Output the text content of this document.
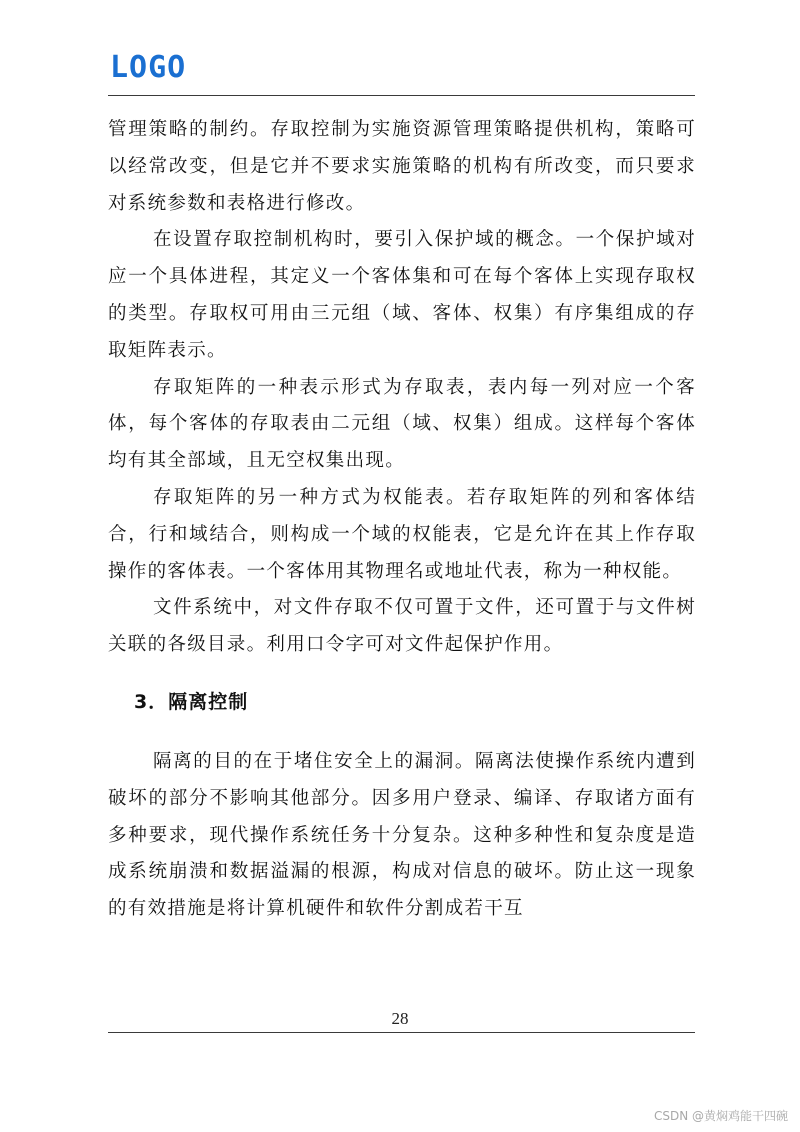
LOGO

管理策略的制约。存取控制为实施资源管理策略提供机构，策略可以经常改变，但是它并不要求实施策略的机构有所改变，而只要求对系统参数和表格进行修改。

在设置存取控制机构时，要引入保护域的概念。一个保护域对应一个具体进程，其定义一个客体集和可在每个客体上实现存取权的类型。存取权可用由三元组（域、客体、权集）有序集组成的存取矩阵表示。

存取矩阵的一种表示形式为存取表，表内每一列对应一个客体，每个客体的存取表由二元组（域、权集）组成。这样每个客体均有其全部域，且无空权集出现。

存取矩阵的另一种方式为权能表。若存取矩阵的列和客体结合，行和域结合，则构成一个域的权能表，它是允许在其上作存取操作的客体表。一个客体用其物理名或地址代表，称为一种权能。

文件系统中，对文件存取不仅可置于文件，还可置于与文件树关联的各级目录。利用口令字可对文件起保护作用。

3．隔离控制

隔离的目的在于堵住安全上的漏洞。隔离法使操作系统内遭到破坏的部分不影响其他部分。因多用户登录、编译、存取诸方面有多种要求，现代操作系统任务十分复杂。这种多种性和复杂度是造成系统崩溃和数据溢漏的根源，构成对信息的破坏。防止这一现象的有效措施是将计算机硬件和软件分割成若干互

28
CSDN @黄焖鸡能干四碗
